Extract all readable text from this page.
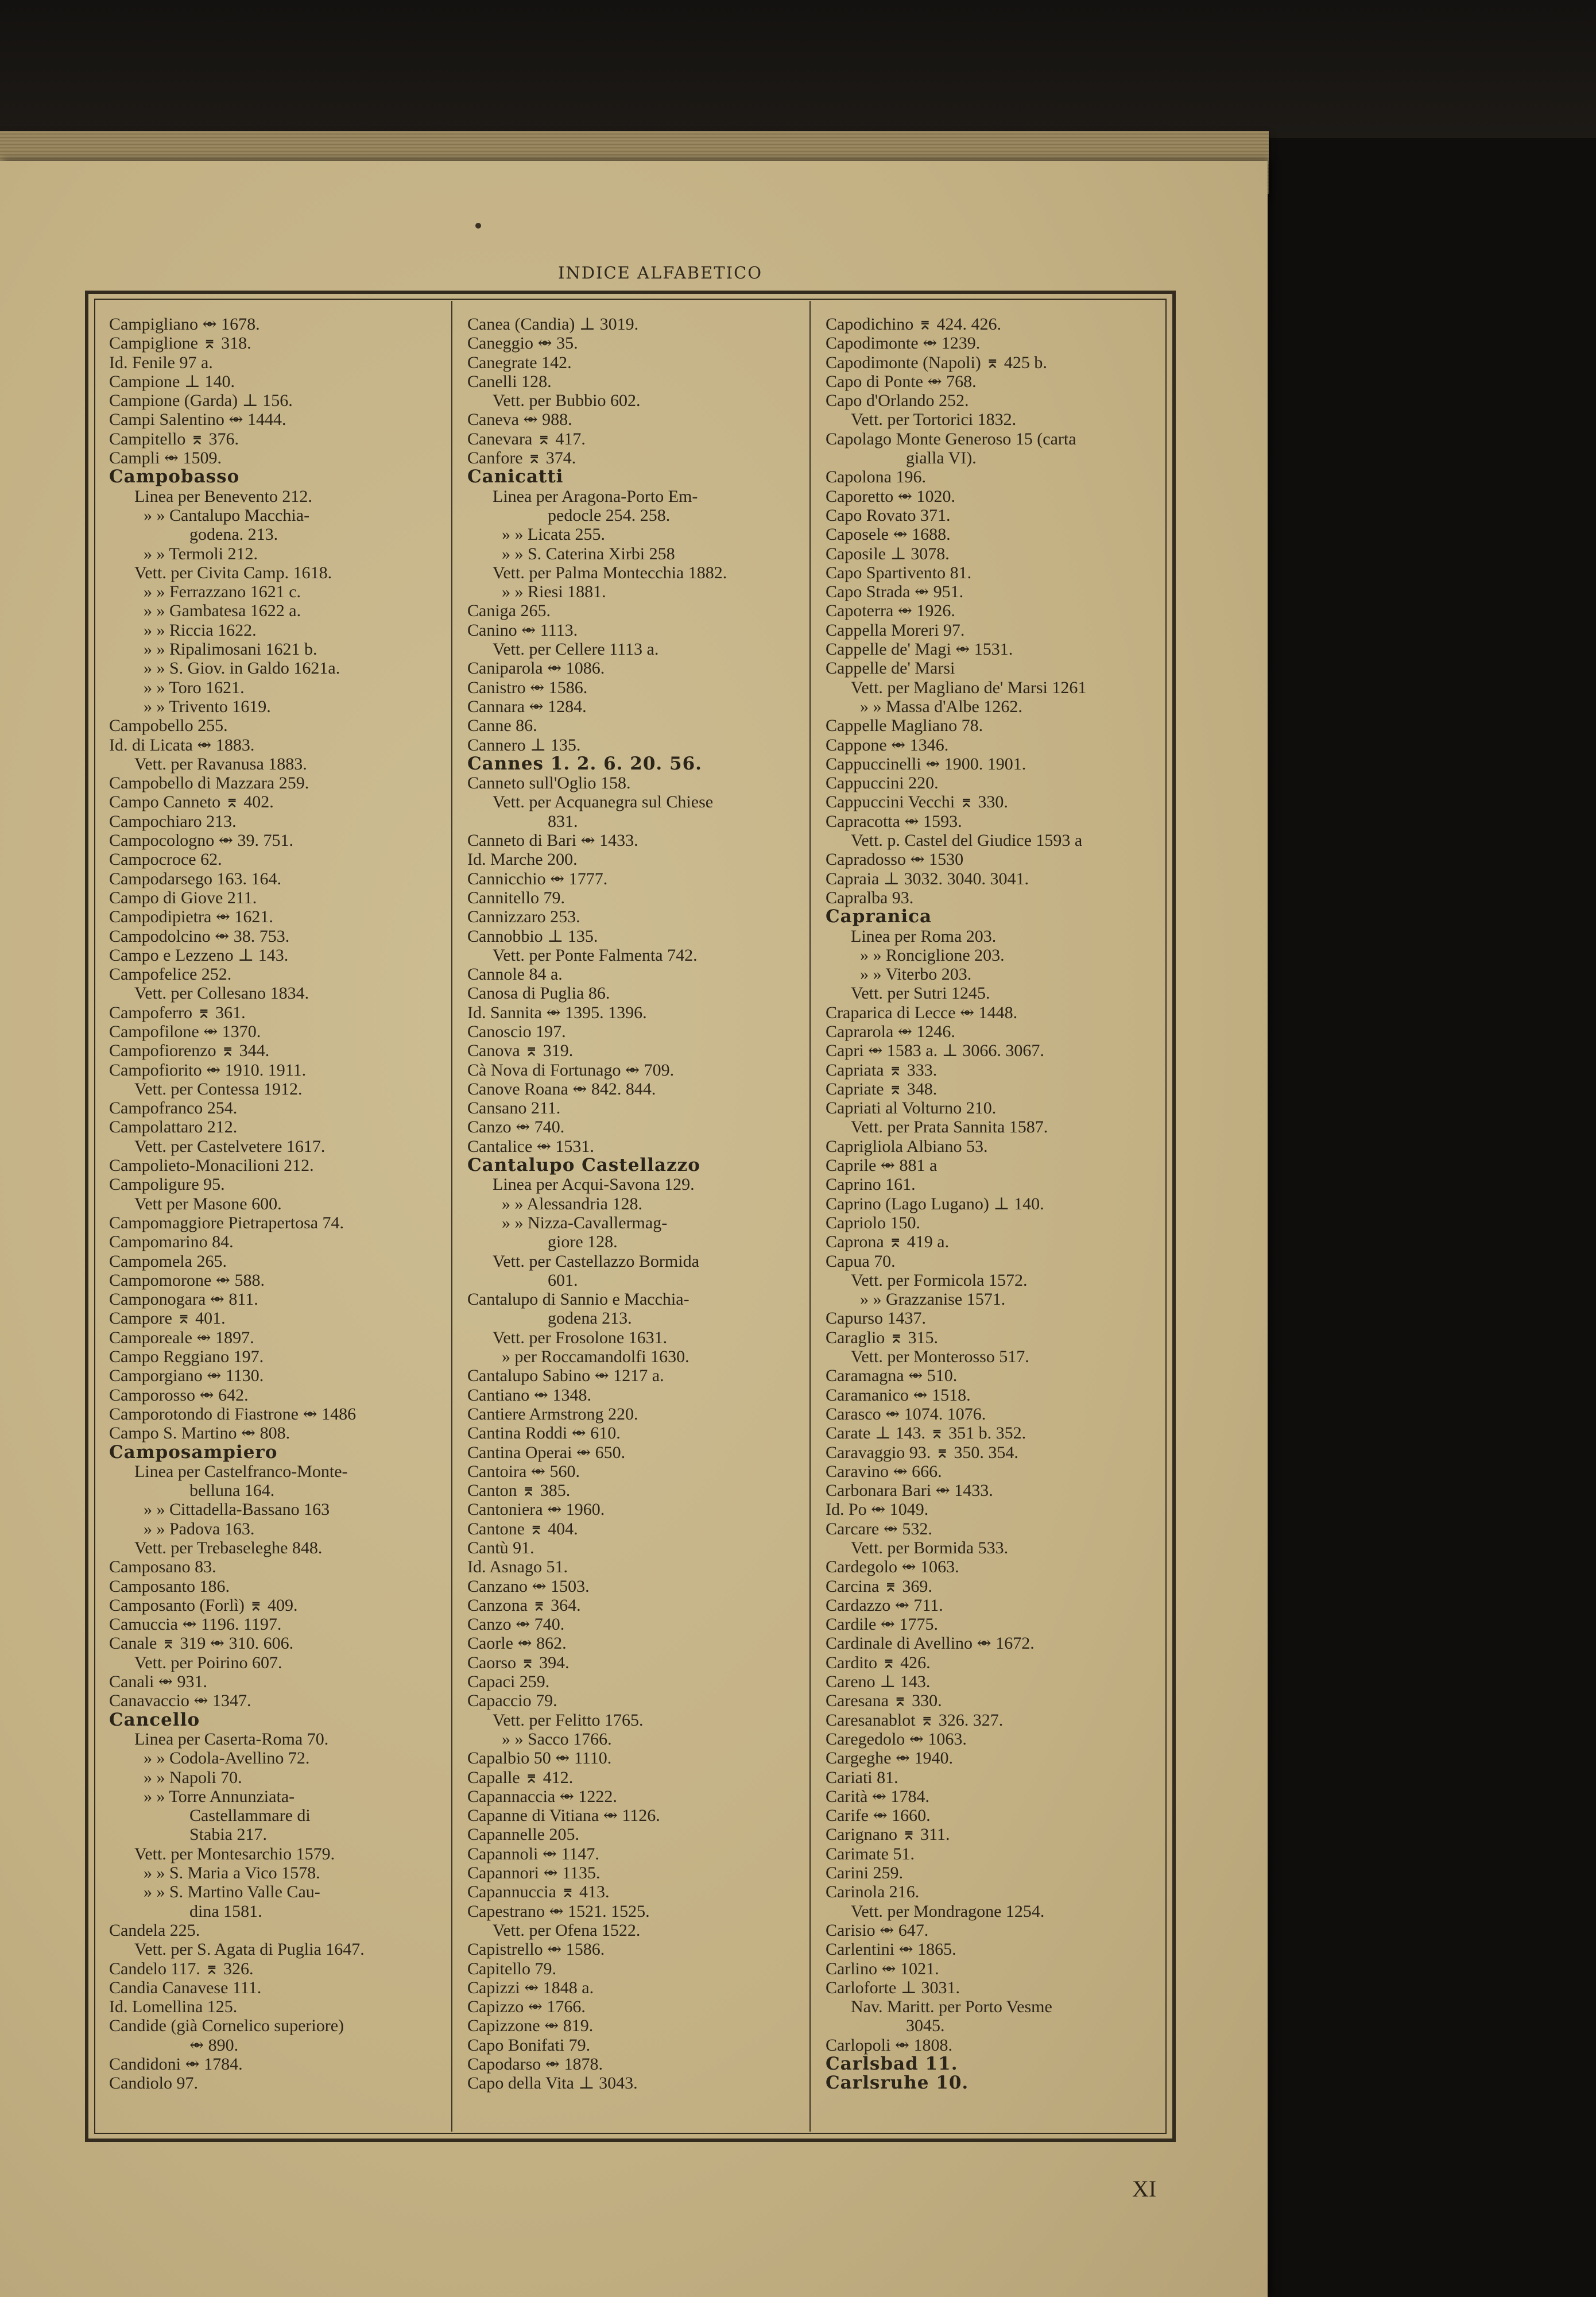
INDICE ALFABETICO
Campigliano ⥈ 1678.
Campiglione ⌆ 318.
Id. Fenile 97 a.
Campione ⊥ 140.
Campione (Garda) ⊥ 156.
Campi Salentino ⥈ 1444.
Campitello ⌆ 376.
Campli ⥈ 1509.
Campobasso
Linea per Benevento 212.
» » Cantalupo Macchia-
godena. 213.
» » Termoli 212.
Vett. per Civita Camp. 1618.
» » Ferrazzano 1621 c.
» » Gambatesa 1622 a.
» » Riccia 1622.
» » Ripalimosani 1621 b.
» » S. Giov. in Galdo 1621a.
» » Toro 1621.
» » Trivento 1619.
Campobello 255.
Id. di Licata ⥈ 1883.
Vett. per Ravanusa 1883.
Campobello di Mazzara 259.
Campo Canneto ⌆ 402.
Campochiaro 213.
Campocologno ⥈ 39. 751.
Campocroce 62.
Campodarsego 163. 164.
Campo di Giove 211.
Campodipietra ⥈ 1621.
Campodolcino ⥈ 38. 753.
Campo e Lezzeno ⊥ 143.
Campofelice 252.
Vett. per Collesano 1834.
Campoferro ⌆ 361.
Campofilone ⥈ 1370.
Campofiorenzo ⌆ 344.
Campofiorito ⥈ 1910. 1911.
Vett. per Contessa 1912.
Campofranco 254.
Campolattaro 212.
Vett. per Castelvetere 1617.
Campolieto-Monacilioni 212.
Campoligure 95.
Vett per Masone 600.
Campomaggiore Pietrapertosa 74.
Campomarino 84.
Campomela 265.
Campomorone ⥈ 588.
Camponogara ⥈ 811.
Campore ⌆ 401.
Camporeale ⥈ 1897.
Campo Reggiano 197.
Camporgiano ⥈ 1130.
Camporosso ⥈ 642.
Camporotondo di Fiastrone ⥈ 1486
Campo S. Martino ⥈ 808.
Camposampiero
Linea per Castelfranco-Monte-
belluna 164.
» » Cittadella-Bassano 163
» » Padova 163.
Vett. per Trebaseleghe 848.
Camposano 83.
Camposanto 186.
Camposanto (Forlì) ⌆ 409.
Camuccia ⥈ 1196. 1197.
Canale ⌆ 319 ⥈ 310. 606.
Vett. per Poirino 607.
Canali ⥈ 931.
Canavaccio ⥈ 1347.
Cancello
Linea per Caserta-Roma 70.
» » Codola-Avellino 72.
» » Napoli 70.
» » Torre Annunziata-
Castellammare di
Stabia 217.
Vett. per Montesarchio 1579.
» » S. Maria a Vico 1578.
» » S. Martino Valle Cau-
dina 1581.
Candela 225.
Vett. per S. Agata di Puglia 1647.
Candelo 117. ⌆ 326.
Candia Canavese 111.
Id. Lomellina 125.
Candide (già Cornelico superiore)
⥈ 890.
Candidoni ⥈ 1784.
Candiolo 97.
Canea (Candia) ⊥ 3019.
Caneggio ⥈ 35.
Canegrate 142.
Canelli 128.
Vett. per Bubbio 602.
Caneva ⥈ 988.
Canevara ⌆ 417.
Canfore ⌆ 374.
Canicatti
Linea per Aragona-Porto Em-
pedocle 254. 258.
» » Licata 255.
» » S. Caterina Xirbi 258
Vett. per Palma Montecchia 1882.
» » Riesi 1881.
Caniga 265.
Canino ⥈ 1113.
Vett. per Cellere 1113 a.
Caniparola ⥈ 1086.
Canistro ⥈ 1586.
Cannara ⥈ 1284.
Canne 86.
Cannero ⊥ 135.
Cannes 1. 2. 6. 20. 56.
Canneto sull'Oglio 158.
Vett. per Acquanegra sul Chiese
831.
Canneto di Bari ⥈ 1433.
Id. Marche 200.
Cannicchio ⥈ 1777.
Cannitello 79.
Cannizzaro 253.
Cannobbio ⊥ 135.
Vett. per Ponte Falmenta 742.
Cannole 84 a.
Canosa di Puglia 86.
Id. Sannita ⥈ 1395. 1396.
Canoscio 197.
Canova ⌆ 319.
Cà Nova di Fortunago ⥈ 709.
Canove Roana ⥈ 842. 844.
Cansano 211.
Canzo ⥈ 740.
Cantalice ⥈ 1531.
Cantalupo Castellazzo
Linea per Acqui-Savona 129.
» » Alessandria 128.
» » Nizza-Cavallermag-
giore 128.
Vett. per Castellazzo Bormida
601.
Cantalupo di Sannio e Macchia-
godena 213.
Vett. per Frosolone 1631.
» per Roccamandolfi 1630.
Cantalupo Sabino ⥈ 1217 a.
Cantiano ⥈ 1348.
Cantiere Armstrong 220.
Cantina Roddi ⥈ 610.
Cantina Operai ⥈ 650.
Cantoira ⥈ 560.
Canton ⌆ 385.
Cantoniera ⥈ 1960.
Cantone ⌆ 404.
Cantù 91.
Id. Asnago 51.
Canzano ⥈ 1503.
Canzona ⌆ 364.
Canzo ⥈ 740.
Caorle ⥈ 862.
Caorso ⌆ 394.
Capaci 259.
Capaccio 79.
Vett. per Felitto 1765.
» » Sacco 1766.
Capalbio 50 ⥈ 1110.
Capalle ⌆ 412.
Capannaccia ⥈ 1222.
Capanne di Vitiana ⥈ 1126.
Capannelle 205.
Capannoli ⥈ 1147.
Capannori ⥈ 1135.
Capannuccia ⌆ 413.
Capestrano ⥈ 1521. 1525.
Vett. per Ofena 1522.
Capistrello ⥈ 1586.
Capitello 79.
Capizzi ⥈ 1848 a.
Capizzo ⥈ 1766.
Capizzone ⥈ 819.
Capo Bonifati 79.
Capodarso ⥈ 1878.
Capo della Vita ⊥ 3043.
Capodichino ⌆ 424. 426.
Capodimonte ⥈ 1239.
Capodimonte (Napoli) ⌆ 425 b.
Capo di Ponte ⥈ 768.
Capo d'Orlando 252.
Vett. per Tortorici 1832.
Capolago Monte Generoso 15 (carta
gialla VI).
Capolona 196.
Caporetto ⥈ 1020.
Capo Rovato 371.
Caposele ⥈ 1688.
Caposile ⊥ 3078.
Capo Spartivento 81.
Capo Strada ⥈ 951.
Capoterra ⥈ 1926.
Cappella Moreri 97.
Cappelle de' Magi ⥈ 1531.
Cappelle de' Marsi
Vett. per Magliano de' Marsi 1261
» » Massa d'Albe 1262.
Cappelle Magliano 78.
Cappone ⥈ 1346.
Cappuccinelli ⥈ 1900. 1901.
Cappuccini 220.
Cappuccini Vecchi ⌆ 330.
Capracotta ⥈ 1593.
Vett. p. Castel del Giudice 1593 a
Capradosso ⥈ 1530
Capraia ⊥ 3032. 3040. 3041.
Capralba 93.
Capranica
Linea per Roma 203.
» » Ronciglione 203.
» » Viterbo 203.
Vett. per Sutri 1245.
Craparica di Lecce ⥈ 1448.
Caprarola ⥈ 1246.
Capri ⥈ 1583 a. ⊥ 3066. 3067.
Capriata ⌆ 333.
Capriate ⌆ 348.
Capriati al Volturno 210.
Vett. per Prata Sannita 1587.
Caprigliola Albiano 53.
Caprile ⥈ 881 a
Caprino 161.
Caprino (Lago Lugano) ⊥ 140.
Capriolo 150.
Caprona ⌆ 419 a.
Capua 70.
Vett. per Formicola 1572.
» » Grazzanise 1571.
Capurso 1437.
Caraglio ⌆ 315.
Vett. per Monterosso 517.
Caramagna ⥈ 510.
Caramanico ⥈ 1518.
Carasco ⥈ 1074. 1076.
Carate ⊥ 143. ⌆ 351 b. 352.
Caravaggio 93. ⌆ 350. 354.
Caravino ⥈ 666.
Carbonara Bari ⥈ 1433.
Id. Po ⥈ 1049.
Carcare ⥈ 532.
Vett. per Bormida 533.
Cardegolo ⥈ 1063.
Carcina ⌆ 369.
Cardazzo ⥈ 711.
Cardile ⥈ 1775.
Cardinale di Avellino ⥈ 1672.
Cardito ⌆ 426.
Careno ⊥ 143.
Caresana ⌆ 330.
Caresanablot ⌆ 326. 327.
Caregedolo ⥈ 1063.
Cargeghe ⥈ 1940.
Cariati 81.
Carità ⥈ 1784.
Carife ⥈ 1660.
Carignano ⌆ 311.
Carimate 51.
Carini 259.
Carinola 216.
Vett. per Mondragone 1254.
Carisio ⥈ 647.
Carlentini ⥈ 1865.
Carlino ⥈ 1021.
Carloforte ⊥ 3031.
Nav. Maritt. per Porto Vesme
3045.
Carlopoli ⥈ 1808.
Carlsbad 11.
Carlsruhe 10.
XI
